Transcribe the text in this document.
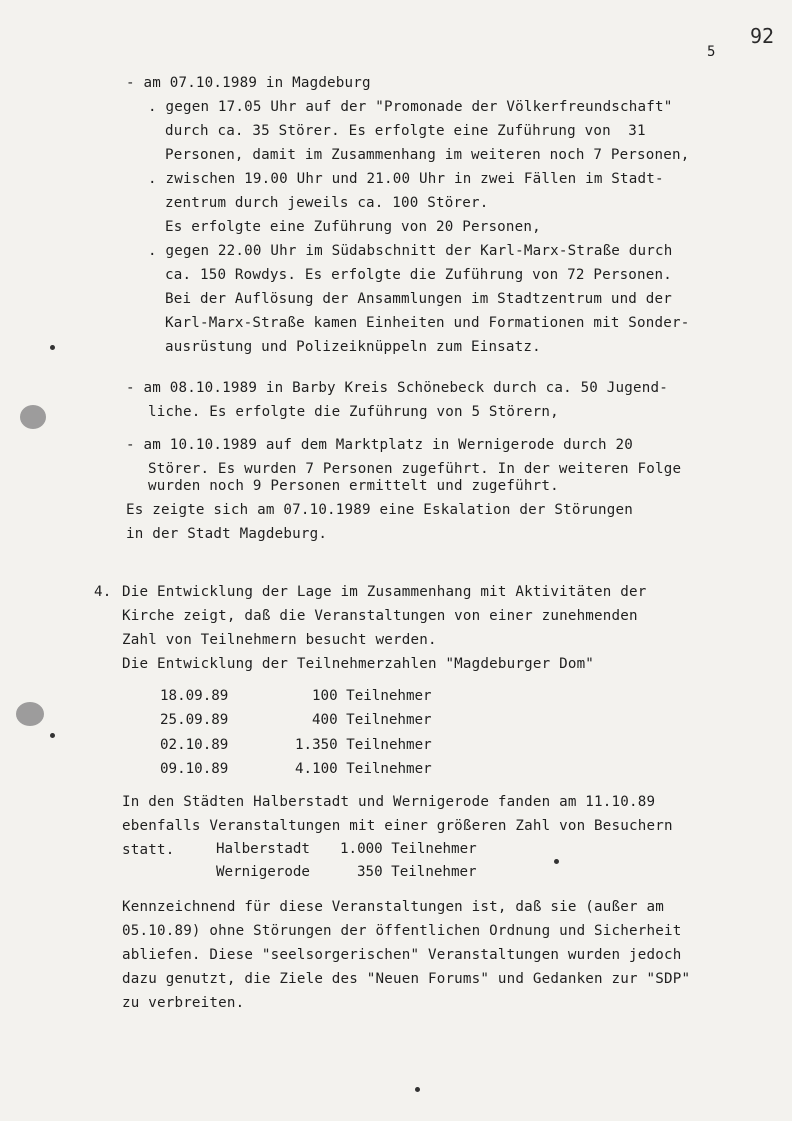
5
92
- am 07.10.1989 in Magdeburg
. gegen 17.05 Uhr auf der "Promonade der Völkerfreundschaft"
durch ca. 35 Störer. Es erfolgte eine Zuführung von  31
Personen, damit im Zusammenhang im weiteren noch 7 Personen,
. zwischen 19.00 Uhr und 21.00 Uhr in zwei Fällen im Stadt-
zentrum durch jeweils ca. 100 Störer.
Es erfolgte eine Zuführung von 20 Personen,
. gegen 22.00 Uhr im Südabschnitt der Karl-Marx-Straße durch
ca. 150 Rowdys. Es erfolgte die Zuführung von 72 Personen.
Bei der Auflösung der Ansammlungen im Stadtzentrum und der
Karl-Marx-Straße kamen Einheiten und Formationen mit Sonder-
ausrüstung und Polizeiknüppeln zum Einsatz.
- am 08.10.1989 in Barby Kreis Schönebeck durch ca. 50 Jugend-
liche. Es erfolgte die Zuführung von 5 Störern,
- am 10.10.1989 auf dem Marktplatz in Wernigerode durch 20
Störer. Es wurden 7 Personen zugeführt. In der weiteren Folge
wurden noch 9 Personen ermittelt und zugeführt.
Es zeigte sich am 07.10.1989 eine Eskalation der Störungen
in der Stadt Magdeburg.
4. Die Entwicklung der Lage im Zusammenhang mit Aktivitäten der
Kirche zeigt, daß die Veranstaltungen von einer zunehmenden
Zahl von Teilnehmern besucht werden.
Die Entwicklung der Teilnehmerzahlen "Magdeburger Dom"
18.09.89	100 Teilnehmer
25.09.89	400 Teilnehmer
02.10.89	1.350 Teilnehmer
09.10.89	4.100 Teilnehmer
In den Städten Halberstadt und Wernigerode fanden am 11.10.89
ebenfalls Veranstaltungen mit einer größeren Zahl von Besuchern
statt.	Halberstadt 1.000 Teilnehmer
Wernigerode	350 Teilnehmer
Kennzeichnend für diese Veranstaltungen ist, daß sie (außer am
05.10.89) ohne Störungen der öffentlichen Ordnung und Sicherheit
abliefen. Diese "seelsorgerischen" Veranstaltungen wurden jedoch
dazu genutzt, die Ziele des "Neuen Forums" und Gedanken zur "SDP"
zu verbreiten.
